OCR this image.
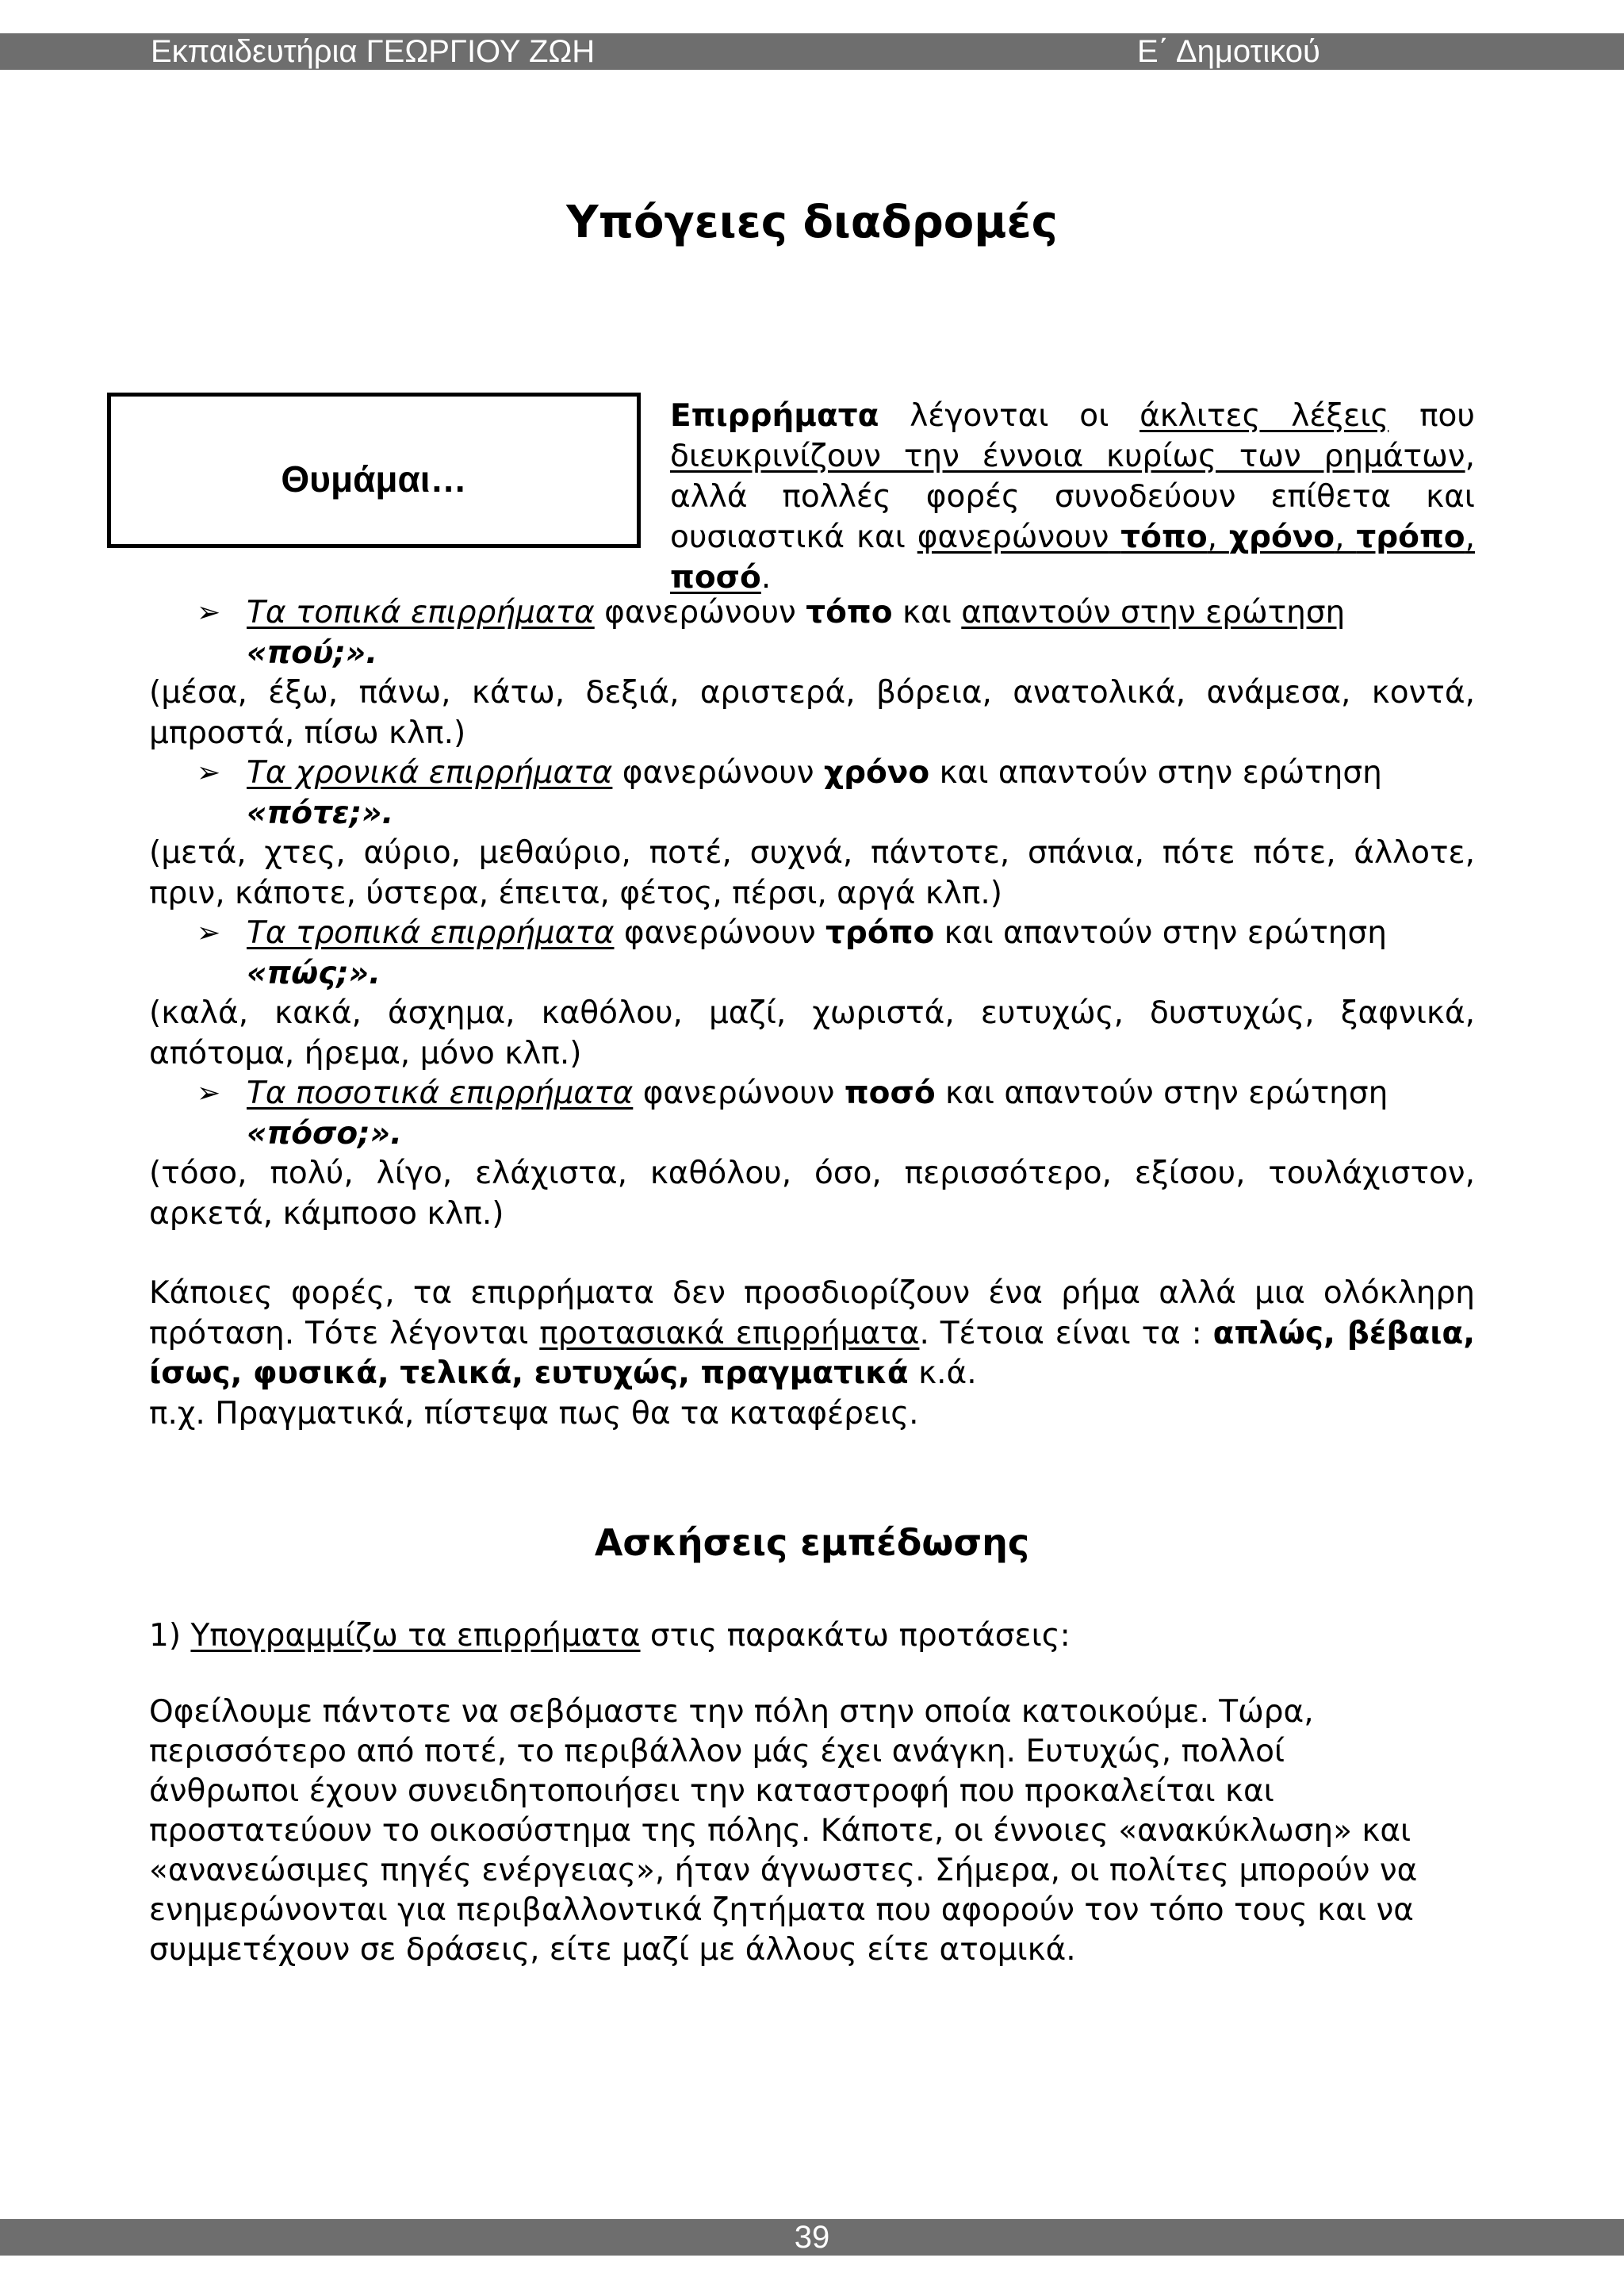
Εκπαιδευτήρια ΓΕΩΡΓΙΟΥ ΖΩΗ	Ε΄ Δημοτικού
Υπόγειες διαδρομές
Θυμάμαι…
Επιρρήματα λέγονται οι άκλιτες λέξεις που διευκρινίζουν την έννοια κυρίως των ρημάτων, αλλά πολλές φορές συνοδεύουν επίθετα και ουσιαστικά και φανερώνουν τόπο, χρόνο, τρόπο, ποσό.

➢ Τα τοπικά επιρρήματα φανερώνουν τόπο και απαντούν στην ερώτηση

«πού;».

(μέσα, έξω, πάνω, κάτω, δεξιά, αριστερά, βόρεια, ανατολικά, ανάμεσα, κοντά, μπροστά, πίσω κλπ.)

➢ Τα χρονικά επιρρήματα φανερώνουν χρόνο και απαντούν στην ερώτηση

«πότε;».

(μετά, χτες, αύριο, μεθαύριο, ποτέ, συχνά, πάντοτε, σπάνια, πότε πότε, άλλοτε, πριν, κάποτε, ύστερα, έπειτα, φέτος, πέρσι, αργά κλπ.)

➢ Τα τροπικά επιρρήματα φανερώνουν τρόπο και απαντούν στην ερώτηση

«πώς;».

(καλά, κακά, άσχημα, καθόλου, μαζί, χωριστά, ευτυχώς, δυστυχώς, ξαφνικά, απότομα, ήρεμα, μόνο κλπ.)

➢ Τα ποσοτικά επιρρήματα φανερώνουν ποσό και απαντούν στην ερώτηση

«πόσο;».

(τόσο, πολύ, λίγο, ελάχιστα, καθόλου, όσο, περισσότερο, εξίσου, τουλάχιστον, αρκετά, κάμποσο κλπ.)

Κάποιες φορές, τα επιρρήματα δεν προσδιορίζουν ένα ρήμα αλλά μια ολόκληρη πρόταση. Τότε λέγονται προτασιακά επιρρήματα. Τέτοια είναι τα : απλώς, βέβαια, ίσως, φυσικά, τελικά, ευτυχώς, πραγματικά κ.ά.

π.χ. Πραγματικά, πίστεψα πως θα τα καταφέρεις.

Ασκήσεις εμπέδωσης
1) Υπογραμμίζω τα επιρρήματα στις παρακάτω προτάσεις:
Οφείλουμε πάντοτε να σεβόμαστε την πόλη στην οποία κατοικούμε. Τώρα,
περισσότερο από ποτέ, το περιβάλλον μάς έχει ανάγκη. Ευτυχώς, πολλοί
άνθρωποι έχουν συνειδητοποιήσει την καταστροφή που προκαλείται και
προστατεύουν το οικοσύστημα της πόλης. Κάποτε, οι έννοιες «ανακύκλωση» και
«ανανεώσιμες πηγές ενέργειας», ήταν άγνωστες. Σήμερα, οι πολίτες μπορούν να
ενημερώνονται για περιβαλλοντικά ζητήματα που αφορούν τον τόπο τους και να
συμμετέχουν σε δράσεις, είτε μαζί με άλλους είτε ατομικά.
39
